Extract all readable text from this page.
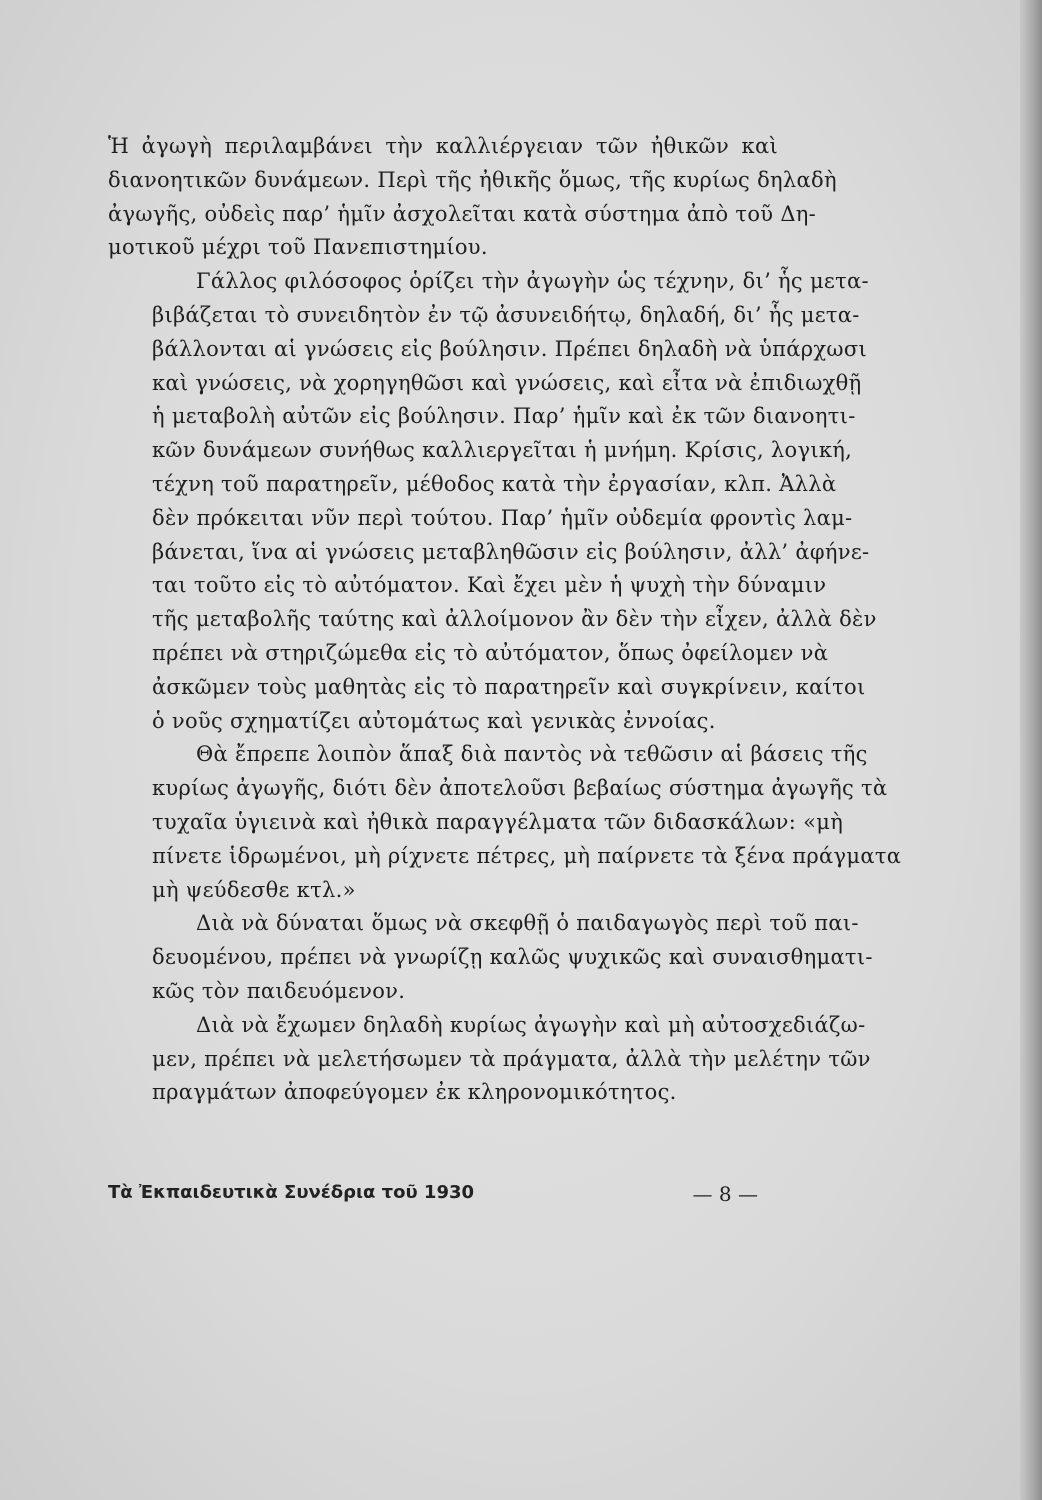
Ἡ ἀγωγὴ περιλαμβάνει τὴν καλλιέργειαν τῶν ἠθικῶν καὶ
διανοητικῶν δυνάμεων. Περὶ τῆς ἠθικῆς ὅμως, τῆς κυρίως δηλαδὴ
ἀγωγῆς, οὐδεὶς παρ’ ἡμῖν ἀσχολεῖται κατὰ σύστημα ἀπὸ τοῦ Δη-
μοτικοῦ μέχρι τοῦ Πανεπιστημίου.
Γάλλος φιλόσοφος ὁρίζει τὴν ἀγωγὴν ὡς τέχνην, δι’ ἧς μετα-
βιβάζεται τὸ συνειδητὸν ἐν τῷ ἀσυνειδήτῳ, δηλαδή, δι’ ἧς μετα-
βάλλονται αἱ γνώσεις εἰς βούλησιν. Πρέπει δηλαδὴ νὰ ὑπάρχωσι
καὶ γνώσεις, νὰ χορηγηθῶσι καὶ γνώσεις, καὶ εἶτα νὰ ἐπιδιωχθῇ
ἡ μεταβολὴ αὐτῶν εἰς βούλησιν. Παρ’ ἡμῖν καὶ ἐκ τῶν διανοητι-
κῶν δυνάμεων συνήθως καλλιεργεῖται ἡ μνήμη. Κρίσις, λογική,
τέχνη τοῦ παρατηρεῖν, μέθοδος κατὰ τὴν ἐργασίαν, κλπ. Ἀλλὰ
δὲν πρόκειται νῦν περὶ τούτου. Παρ’ ἡμῖν οὐδεμία φροντὶς λαμ-
βάνεται, ἵνα αἱ γνώσεις μεταβληθῶσιν εἰς βούλησιν, ἀλλ’ ἀφήνε-
ται τοῦτο εἰς τὸ αὐτόματον. Καὶ ἔχει μὲν ἡ ψυχὴ τὴν δύναμιν
τῆς μεταβολῆς ταύτης καὶ ἀλλοίμονον ἂν δὲν τὴν εἶχεν, ἀλλὰ δὲν
πρέπει νὰ στηριζώμεθα εἰς τὸ αὐτόματον, ὅπως ὀφείλομεν νὰ
ἀσκῶμεν τοὺς μαθητὰς εἰς τὸ παρατηρεῖν καὶ συγκρίνειν, καίτοι
ὁ νοῦς σχηματίζει αὐτομάτως καὶ γενικὰς ἐννοίας.
Θὰ ἔπρεπε λοιπὸν ἅπαξ διὰ παντὸς νὰ τεθῶσιν αἱ βάσεις τῆς
κυρίως ἀγωγῆς, διότι δὲν ἀποτελοῦσι βεβαίως σύστημα ἀγωγῆς τὰ
τυχαῖα ὑγιεινὰ καὶ ἠθικὰ παραγγέλματα τῶν διδασκάλων: «μὴ
πίνετε ἱδρωμένοι, μὴ ρίχνετε πέτρες, μὴ παίρνετε τὰ ξένα πράγματα
μὴ ψεύδεσθε κτλ.»
Διὰ νὰ δύναται ὅμως νὰ σκεφθῇ ὁ παιδαγωγὸς περὶ τοῦ παι-
δευομένου, πρέπει νὰ γνωρίζῃ καλῶς ψυχικῶς καὶ συναισθηματι-
κῶς τὸν παιδευόμενον.
Διὰ νὰ ἔχωμεν δηλαδὴ κυρίως ἀγωγὴν καὶ μὴ αὐτοσχεδιάζω-
μεν, πρέπει νὰ μελετήσωμεν τὰ πράγματα, ἀλλὰ τὴν μελέτην τῶν
πραγμάτων ἀποφεύγομεν ἐκ κληρονομικότητος.
Τὰ Ἐκπαιδευτικὰ Συνέδρια τοῦ 1930	— 8 —
